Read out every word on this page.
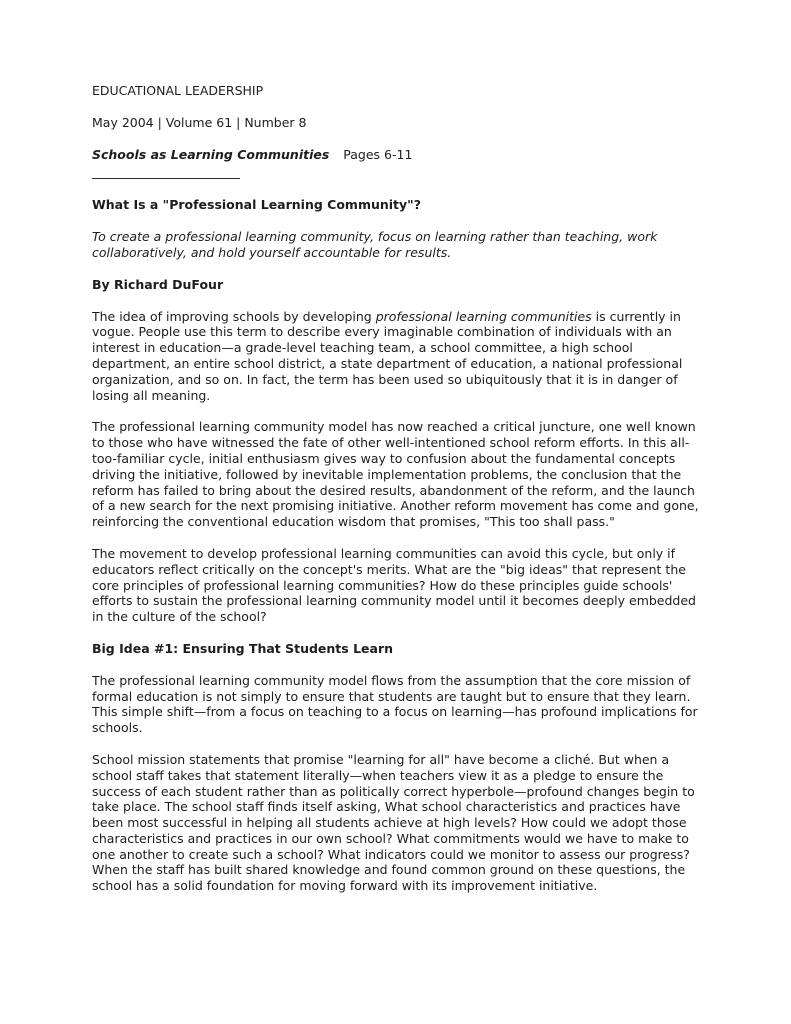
EDUCATIONAL LEADERSHIP
May 2004 | Volume 61 | Number 8
Schools as Learning Communities Pages 6-11
What Is a "Professional Learning Community"?

To create a professional learning community, focus on learning rather than teaching, work collaboratively, and hold yourself accountable for results.

By Richard DuFour

The idea of improving schools by developing professional learning communities is currently in vogue. People use this term to describe every imaginable combination of individuals with an interest in education—a grade-level teaching team, a school committee, a high school department, an entire school district, a state department of education, a national professional organization, and so on. In fact, the term has been used so ubiquitously that it is in danger of losing all meaning.

The professional learning community model has now reached a critical juncture, one well known to those who have witnessed the fate of other well-intentioned school reform efforts. In this all-too-familiar cycle, initial enthusiasm gives way to confusion about the fundamental concepts driving the initiative, followed by inevitable implementation problems, the conclusion that the reform has failed to bring about the desired results, abandonment of the reform, and the launch of a new search for the next promising initiative. Another reform movement has come and gone, reinforcing the conventional education wisdom that promises, "This too shall pass."

The movement to develop professional learning communities can avoid this cycle, but only if educators reflect critically on the concept's merits. What are the "big ideas" that represent the core principles of professional learning communities? How do these principles guide schools' efforts to sustain the professional learning community model until it becomes deeply embedded in the culture of the school?

Big Idea #1: Ensuring That Students Learn

The professional learning community model flows from the assumption that the core mission of formal education is not simply to ensure that students are taught but to ensure that they learn. This simple shift—from a focus on teaching to a focus on learning—has profound implications for schools.

School mission statements that promise "learning for all" have become a cliché. But when a school staff takes that statement literally—when teachers view it as a pledge to ensure the success of each student rather than as politically correct hyperbole—profound changes begin to take place. The school staff finds itself asking, What school characteristics and practices have been most successful in helping all students achieve at high levels? How could we adopt those characteristics and practices in our own school? What commitments would we have to make to one another to create such a school? What indicators could we monitor to assess our progress? When the staff has built shared knowledge and found common ground on these questions, the school has a solid foundation for moving forward with its improvement initiative.
